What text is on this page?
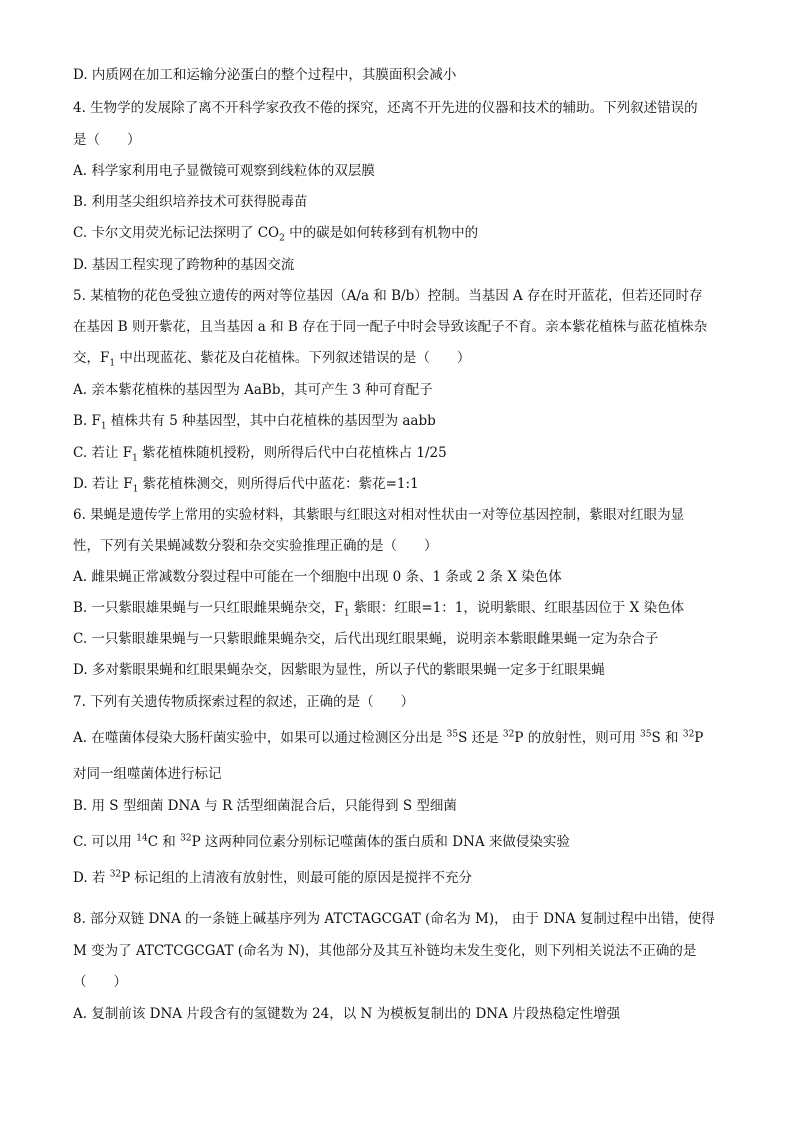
D. 内质网在加工和运输分泌蛋白的整个过程中，其膜面积会减小
4. 生物学的发展除了离不开科学家孜孜不倦的探究，还离不开先进的仪器和技术的辅助。下列叙述错误的
是（　　）
A. 科学家利用电子显微镜可观察到线粒体的双层膜
B. 利用茎尖组织培养技术可获得脱毒苗
C. 卡尔文用荧光标记法探明了 $CO_2$ 中的碳是如何转移到有机物中的
D. 基因工程实现了跨物种的基因交流
5. 某植物的花色受独立遗传的两对等位基因（A/a 和 B/b）控制。当基因 A 存在时开蓝花，但若还同时存
在基因 B 则开紫花，且当基因 a 和 B 存在于同一配子中时会导致该配子不育。亲本紫花植株与蓝花植株杂
交，$F_1$ 中出现蓝花、紫花及白花植株。下列叙述错误的是（　　）
A. 亲本紫花植株的基因型为 AaBb，其可产生 3 种可育配子
B. $F_1$ 植株共有 5 种基因型，其中白花植株的基因型为 aabb
C. 若让 $F_1$ 紫花植株随机授粉，则所得后代中白花植株占 1/25
D. 若让 $F_1$ 紫花植株测交，则所得后代中蓝花：紫花=1:1
6. 果蝇是遗传学上常用的实验材料，其紫眼与红眼这对相对性状由一对等位基因控制，紫眼对红眼为显
性，下列有关果蝇减数分裂和杂交实验推理正确的是（　　）
A. 雌果蝇正常减数分裂过程中可能在一个细胞中出现 0 条、1 条或 2 条 X 染色体
B. 一只紫眼雄果蝇与一只红眼雌果蝇杂交，$F_1$ 紫眼：红眼=1：1，说明紫眼、红眼基因位于 X 染色体
C. 一只紫眼雄果蝇与一只紫眼雌果蝇杂交，后代出现红眼果蝇，说明亲本紫眼雌果蝇一定为杂合子
D. 多对紫眼果蝇和红眼果蝇杂交，因紫眼为显性，所以子代的紫眼果蝇一定多于红眼果蝇
7. 下列有关遗传物质探索过程的叙述，正确的是（　　）
A. 在噬菌体侵染大肠杆菌实验中，如果可以通过检测区分出是 $^{35}$S 还是 $^{32}$P 的放射性，则可用 $^{35}$S 和 $^{32}$P
对同一组噬菌体进行标记
B. 用 S 型细菌 DNA 与 R 活型细菌混合后，只能得到 S 型细菌
C. 可以用 $^{14}$C 和 $^{32}$P 这两种同位素分别标记噬菌体的蛋白质和 DNA 来做侵染实验
D. 若 $^{32}$P 标记组的上清液有放射性，则最可能的原因是搅拌不充分
8. 部分双链 DNA 的一条链上碱基序列为 ATCTAGCGAT (命名为 M)， 由于 DNA 复制过程中出错，使得
M 变为了 ATCTCGCGAT (命名为 N)，其他部分及其互补链均未发生变化，则下列相关说法不正确的是
（　　）
A. 复制前该 DNA 片段含有的氢键数为 24，以 N 为模板复制出的 DNA 片段热稳定性增强
